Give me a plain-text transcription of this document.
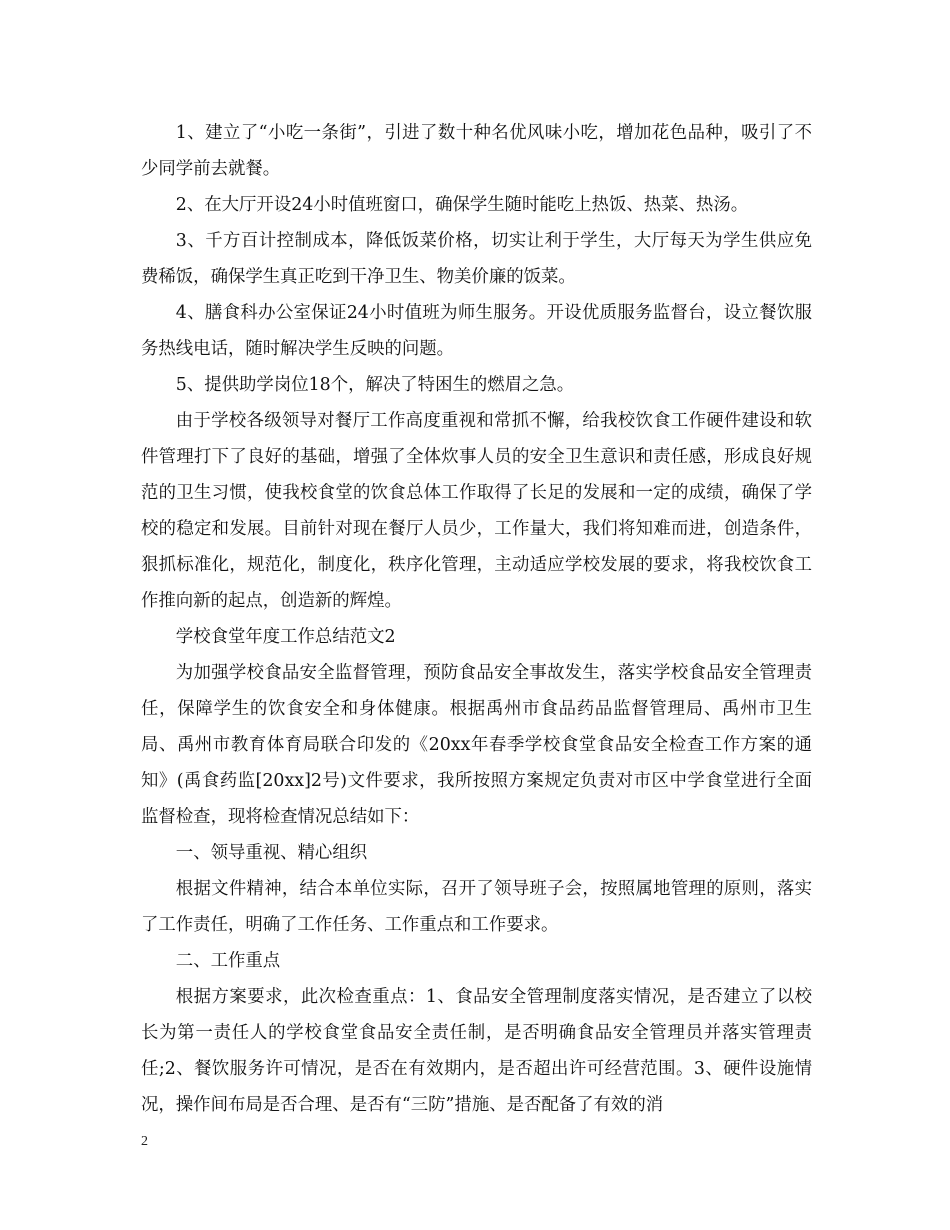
1、建立了“小吃一条街”，引进了数十种名优风味小吃，增加花色品种，吸引了不少同学前去就餐。

2、在大厅开设24小时值班窗口，确保学生随时能吃上热饭、热菜、热汤。

3、千方百计控制成本，降低饭菜价格，切实让利于学生，大厅每天为学生供应免费稀饭，确保学生真正吃到干净卫生、物美价廉的饭菜。

4、膳食科办公室保证24小时值班为师生服务。开设优质服务监督台，设立餐饮服务热线电话，随时解决学生反映的问题。

5、提供助学岗位18个，解决了特困生的燃眉之急。

由于学校各级领导对餐厅工作高度重视和常抓不懈，给我校饮食工作硬件建设和软件管理打下了良好的基础，增强了全体炊事人员的安全卫生意识和责任感，形成良好规范的卫生习惯，使我校食堂的饮食总体工作取得了长足的发展和一定的成绩，确保了学校的稳定和发展。目前针对现在餐厅人员少，工作量大，我们将知难而进，创造条件，狠抓标准化，规范化，制度化，秩序化管理，主动适应学校发展的要求，将我校饮食工作推向新的起点，创造新的辉煌。

学校食堂年度工作总结范文2

为加强学校食品安全监督管理，预防食品安全事故发生，落实学校食品安全管理责任，保障学生的饮食安全和身体健康。根据禹州市食品药品监督管理局、禹州市卫生局、禹州市教育体育局联合印发的《20xx年春季学校食堂食品安全检查工作方案的通知》(禹食药监[20xx]2号)文件要求，我所按照方案规定负责对市区中学食堂进行全面监督检查，现将检查情况总结如下：

一、领导重视、精心组织

根据文件精神，结合本单位实际，召开了领导班子会，按照属地管理的原则，落实了工作责任，明确了工作任务、工作重点和工作要求。

二、工作重点

根据方案要求，此次检查重点：1、食品安全管理制度落实情况，是否建立了以校长为第一责任人的学校食堂食品安全责任制，是否明确食品安全管理员并落实管理责任;2、餐饮服务许可情况，是否在有效期内，是否超出许可经营范围。3、硬件设施情况，操作间布局是否合理、是否有“三防”措施、是否配备了有效的消

2
